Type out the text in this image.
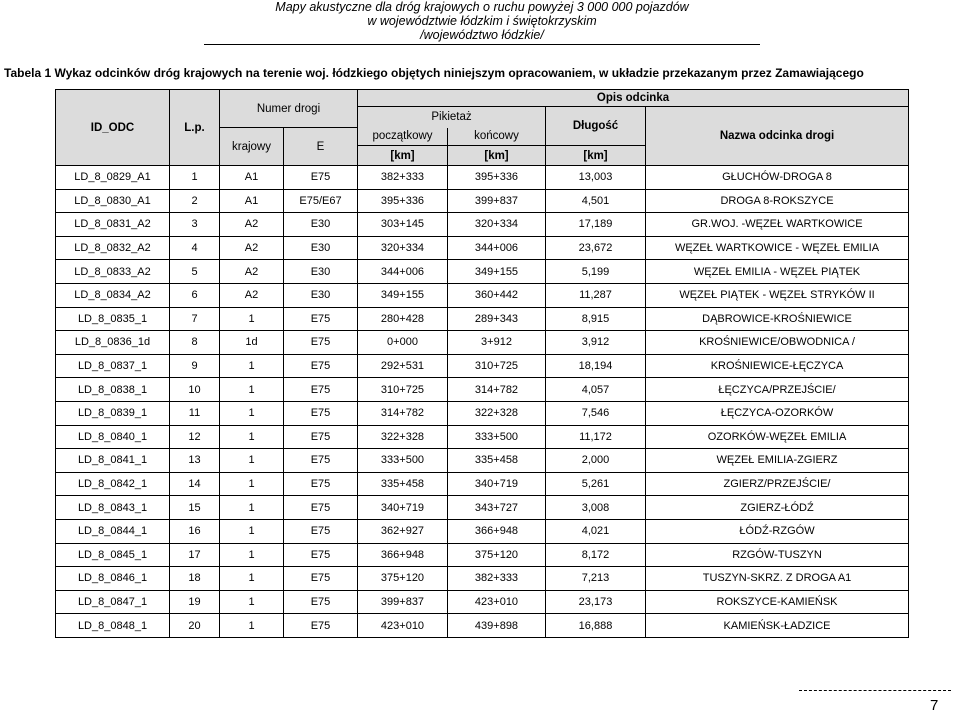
Mapy akustyczne dla dróg krajowych o ruchu powyżej 3 000 000 pojazdów
w województwie łódzkim i świętokrzyskim
/województwo łódzkie/
Tabela 1 Wykaz odcinków dróg krajowych na terenie woj. łódzkiego objętych niniejszym opracowaniem, w układzie przekazanym przez Zamawiającego
ID_ODC	L.p.	Numer drogi		Opis odcinka			
				Pikietaż		Długość	Nazwa odcinka drogi
		krajowy	E	początkowy	końcowy		
				[km]	[km]	[km]	
LD_8_0829_A1	1	A1	E75	382+333	395+336	13,003	GŁUCHÓW-DROGA 8
LD_8_0830_A1	2	A1	E75/E67	395+336	399+837	4,501	DROGA 8-ROKSZYCE
LD_8_0831_A2	3	A2	E30	303+145	320+334	17,189	GR.WOJ. -WĘZEŁ WARTKOWICE
LD_8_0832_A2	4	A2	E30	320+334	344+006	23,672	WĘZEŁ WARTKOWICE - WĘZEŁ EMILIA
LD_8_0833_A2	5	A2	E30	344+006	349+155	5,199	WĘZEŁ EMILIA - WĘZEŁ PIĄTEK
LD_8_0834_A2	6	A2	E30	349+155	360+442	11,287	WĘZEŁ PIĄTEK - WĘZEŁ STRYKÓW II
LD_8_0835_1	7	1	E75	280+428	289+343	8,915	DĄBROWICE-KROŚNIEWICE
LD_8_0836_1d	8	1d	E75	0+000	3+912	3,912	KROŚNIEWICE/OBWODNICA /
LD_8_0837_1	9	1	E75	292+531	310+725	18,194	KROŚNIEWICE-ŁĘCZYCA
LD_8_0838_1	10	1	E75	310+725	314+782	4,057	ŁĘCZYCA/PRZEJŚCIE/
LD_8_0839_1	11	1	E75	314+782	322+328	7,546	ŁĘCZYCA-OZORKÓW
LD_8_0840_1	12	1	E75	322+328	333+500	11,172	OZORKÓW-WĘZEŁ EMILIA
LD_8_0841_1	13	1	E75	333+500	335+458	2,000	WĘZEŁ EMILIA-ZGIERZ
LD_8_0842_1	14	1	E75	335+458	340+719	5,261	ZGIERZ/PRZEJŚCIE/
LD_8_0843_1	15	1	E75	340+719	343+727	3,008	ZGIERZ-ŁÓDŹ
LD_8_0844_1	16	1	E75	362+927	366+948	4,021	ŁÓDŹ-RZGÓW
LD_8_0845_1	17	1	E75	366+948	375+120	8,172	RZGÓW-TUSZYN
LD_8_0846_1	18	1	E75	375+120	382+333	7,213	TUSZYN-SKRZ. Z DROGA A1
LD_8_0847_1	19	1	E75	399+837	423+010	23,173	ROKSZYCE-KAMIEŃSK
LD_8_0848_1	20	1	E75	423+010	439+898	16,888	KAMIEŃSK-ŁADZICE
7
